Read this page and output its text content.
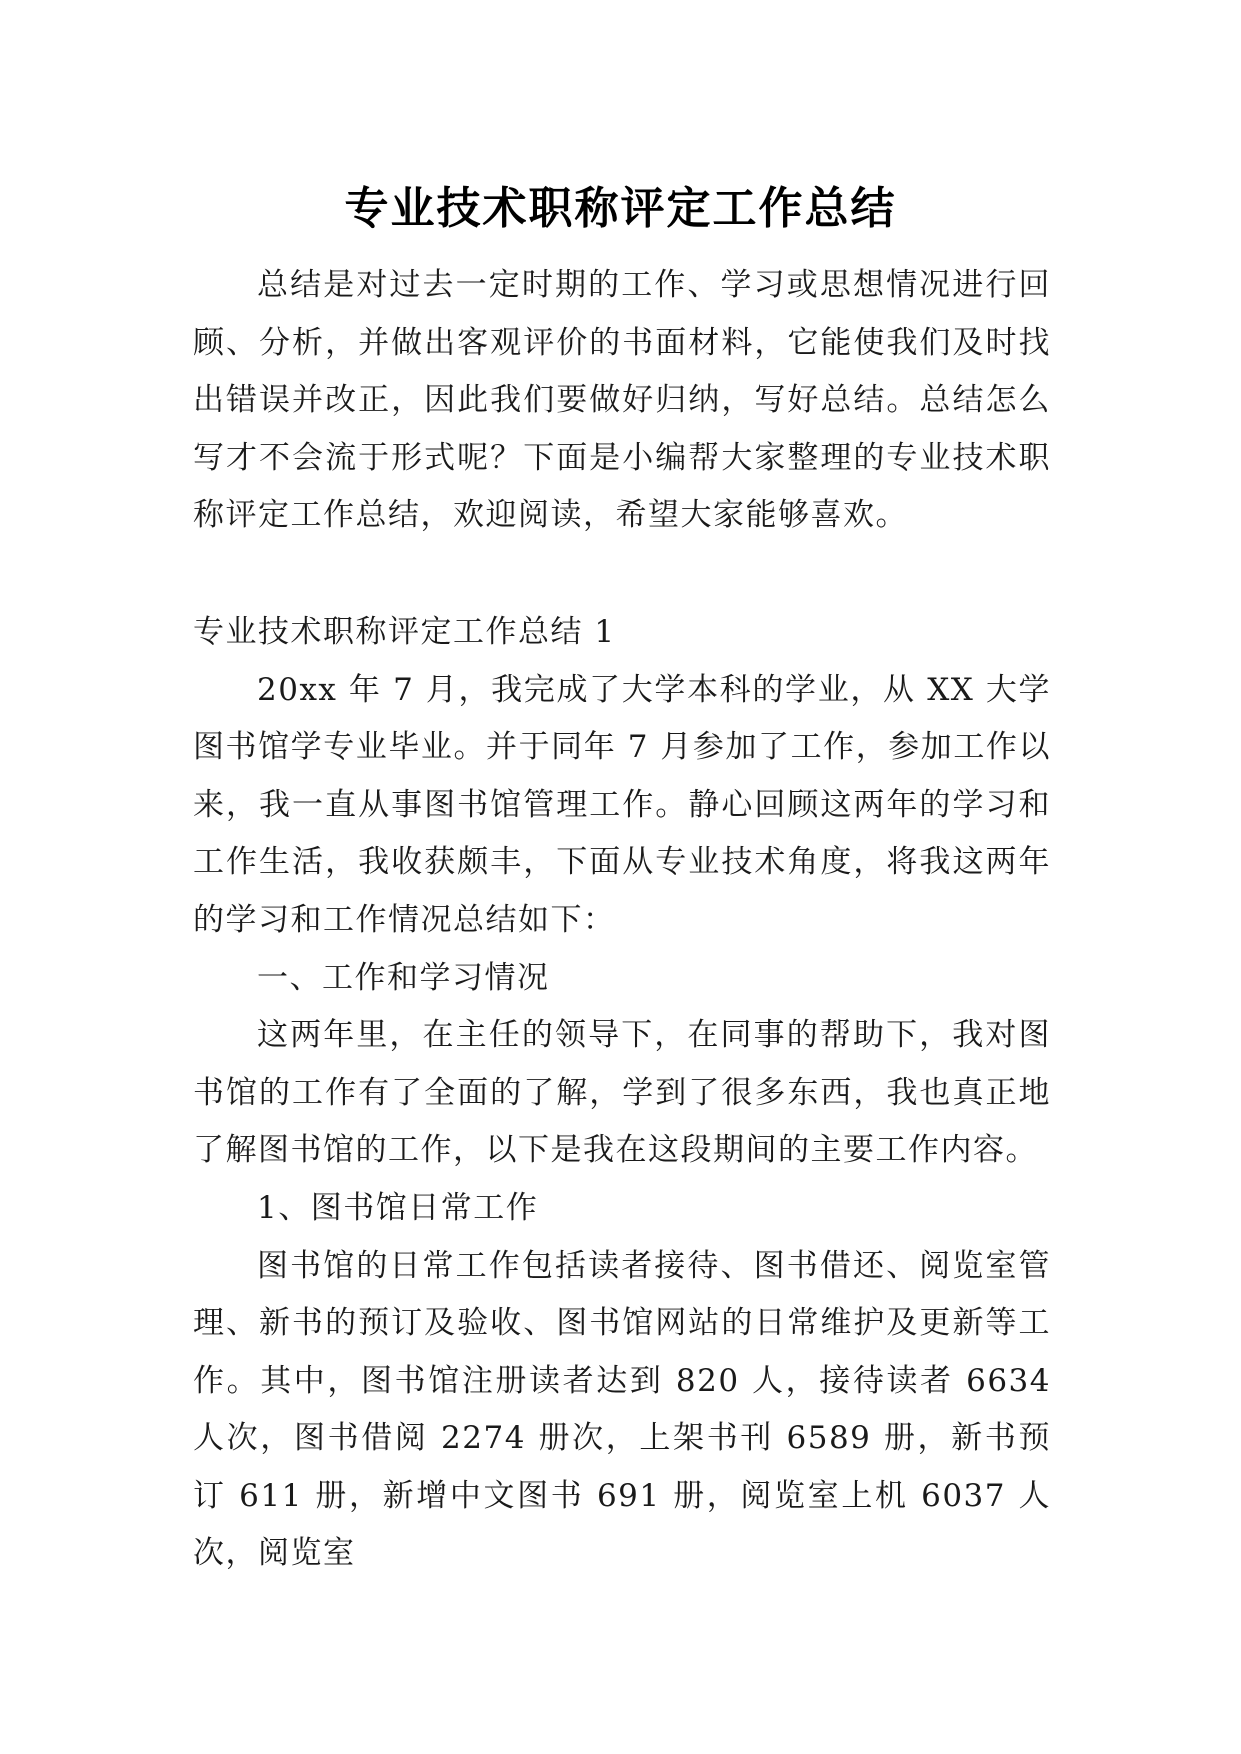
专业技术职称评定工作总结

总结是对过去一定时期的工作、学习或思想情况进行回顾、分析，并做出客观评价的书面材料，它能使我们及时找出错误并改正，因此我们要做好归纳，写好总结。总结怎么写才不会流于形式呢？下面是小编帮大家整理的专业技术职称评定工作总结，欢迎阅读，希望大家能够喜欢。

专业技术职称评定工作总结 1

20xx 年 7 月，我完成了大学本科的学业，从 XX 大学图书馆学专业毕业。并于同年 7 月参加了工作，参加工作以来，我一直从事图书馆管理工作。静心回顾这两年的学习和工作生活，我收获颇丰，下面从专业技术角度，将我这两年的学习和工作情况总结如下：

一、工作和学习情况

这两年里，在主任的领导下，在同事的帮助下，我对图书馆的工作有了全面的了解，学到了很多东西，我也真正地了解图书馆的工作，以下是我在这段期间的主要工作内容。

1、图书馆日常工作

图书馆的日常工作包括读者接待、图书借还、阅览室管理、新书的预订及验收、图书馆网站的日常维护及更新等工作。其中，图书馆注册读者达到 820 人，接待读者 6634 人次，图书借阅 2274 册次，上架书刊 6589 册，新书预订 611 册，新增中文图书 691 册，阅览室上机 6037 人次，阅览室
